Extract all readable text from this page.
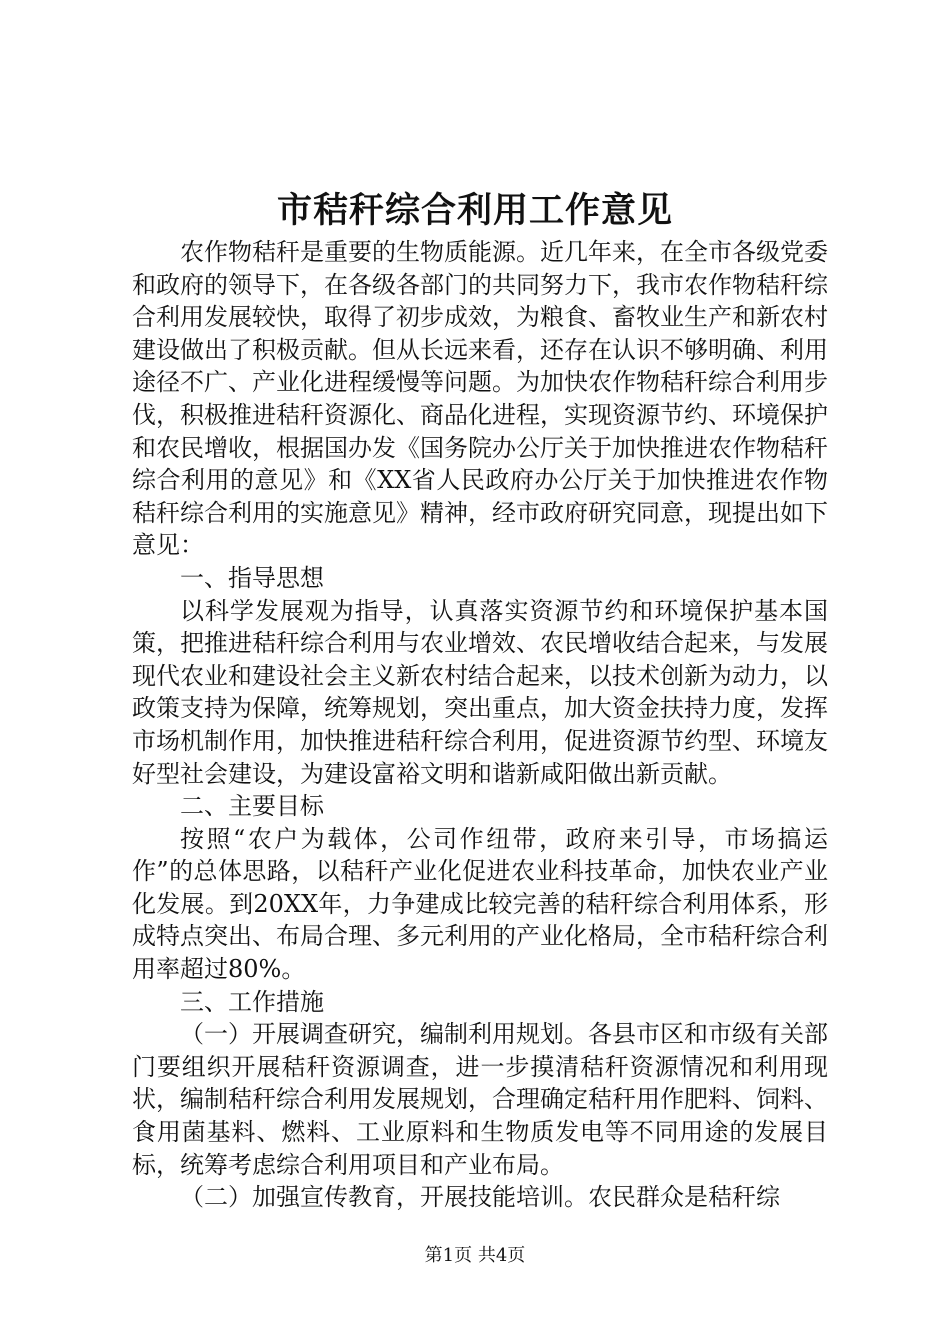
市秸秆综合利用工作意见

农作物秸秆是重要的生物质能源。近几年来，在全市各级党委和政府的领导下，在各级各部门的共同努力下，我市农作物秸秆综合利用发展较快，取得了初步成效，为粮食、畜牧业生产和新农村建设做出了积极贡献。但从长远来看，还存在认识不够明确、利用途径不广、产业化进程缓慢等问题。为加快农作物秸秆综合利用步伐，积极推进秸秆资源化、商品化进程，实现资源节约、环境保护和农民增收，根据国办发《国务院办公厅关于加快推进农作物秸秆综合利用的意见》和《XX省人民政府办公厅关于加快推进农作物秸秆综合利用的实施意见》精神，经市政府研究同意，现提出如下意见：

一、指导思想

以科学发展观为指导，认真落实资源节约和环境保护基本国策，把推进秸秆综合利用与农业增效、农民增收结合起来，与发展现代农业和建设社会主义新农村结合起来，以技术创新为动力，以政策支持为保障，统筹规划，突出重点，加大资金扶持力度，发挥市场机制作用，加快推进秸秆综合利用，促进资源节约型、环境友好型社会建设，为建设富裕文明和谐新咸阳做出新贡献。

二、主要目标

按照“农户为载体，公司作纽带，政府来引导，市场搞运作”的总体思路，以秸秆产业化促进农业科技革命，加快农业产业化发展。到20XX年，力争建成比较完善的秸秆综合利用体系，形成特点突出、布局合理、多元利用的产业化格局，全市秸秆综合利用率超过80%。

三、工作措施

（一）开展调查研究，编制利用规划。各县市区和市级有关部门要组织开展秸秆资源调查，进一步摸清秸秆资源情况和利用现状，编制秸秆综合利用发展规划，合理确定秸秆用作肥料、饲料、食用菌基料、燃料、工业原料和生物质发电等不同用途的发展目标，统筹考虑综合利用项目和产业布局。

（二）加强宣传教育，开展技能培训。农民群众是秸秆综

第1页 共4页
